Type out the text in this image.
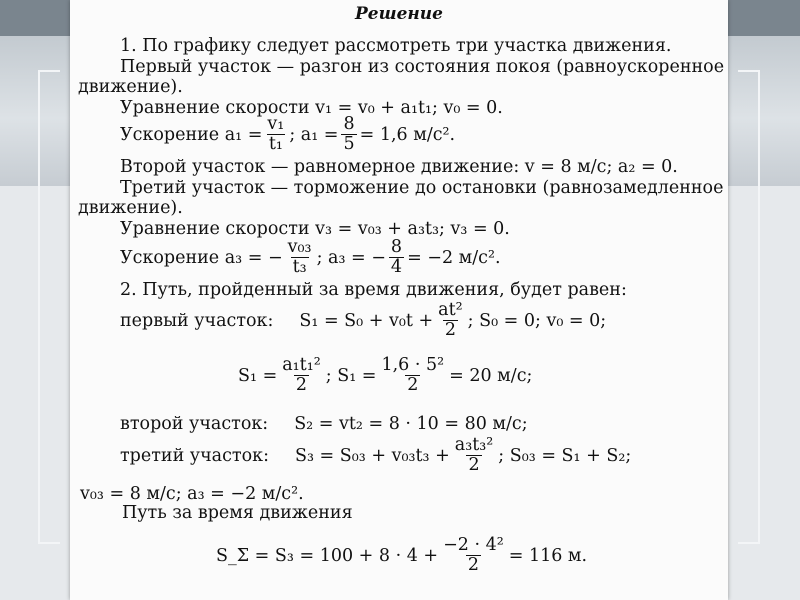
Решение
1. По графику следует рассмотреть три участка движения.
Первый участок — разгон из состояния покоя (равноускоренное
движение).
Уравнение скорости v₁ = v₀ + a₁t₁; v₀ = 0.
Ускорение $a_1 = \frac{\text{v₁}}{\text{t₁}}$ ; $a_1 = \frac{8}{5} = 1,6$ м/с².
Второй участок — равномерное движение: v = 8 м/с; a₂ = 0.
Третий участок — торможение до остановки (равнозамедленное
движение).
Уравнение скорости v₃ = v₀₃ + a₃t₃; v₃ = 0.
Ускорение a₃ = − $\frac{\text{v₀₃}}{\text{t₃}}$ ; a₃ = − $\frac{8}{4} = -2$ м/с².
2. Путь, пройденный за время движения, будет равен:
первый участок: $S_1 = S_0 + v_0t + \frac{\text{at²}}{2}$ ; S₀ = 0; v₀ = 0;
$S_1 = \frac{\text{a₁t₁²}}{2}$ ; $S_1 = \frac{\text{1,6 · 5²}}{2} = 20$ м/с;
второй участок: S₂ = vt₂ = 8 · 10 = 80 м/с;
третий участок: $S_3 = S_{03} + v_{03}t_3 + \frac{\text{a₃t₃²}}{2}$ ; S₀₃ = S₁ + S₂;
v₀₃ = 8 м/с; a₃ = −2 м/с².
Путь за время движения
S_Σ = $S_3 = 100 + 8 \cdot 4 + \frac{\text{−2 · 4²}}{2} = 116$ м.
